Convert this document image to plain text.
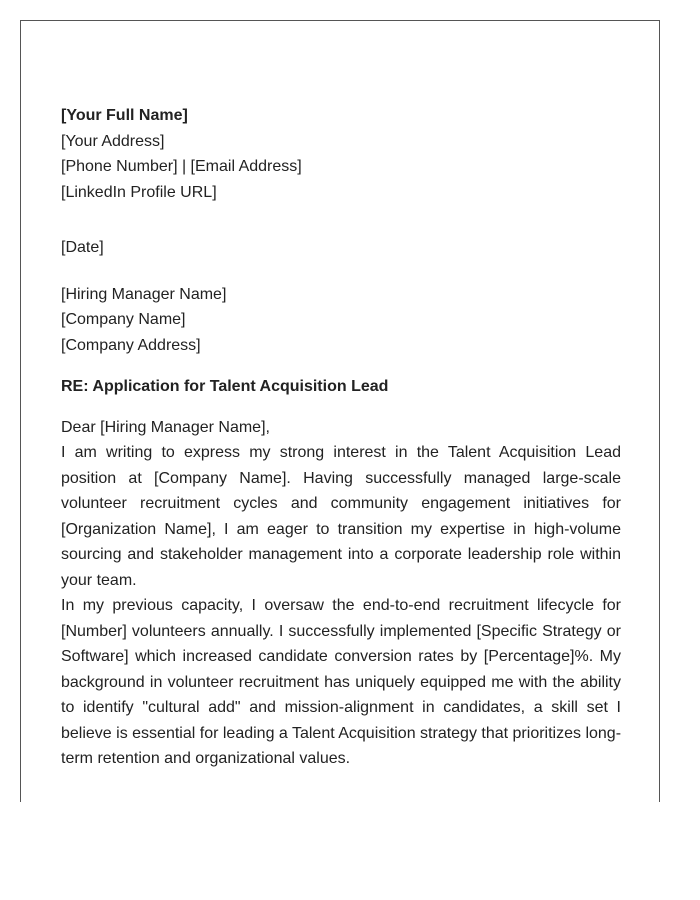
[Your Full Name]
[Your Address]
[Phone Number] | [Email Address]
[LinkedIn Profile URL]
[Date]
[Hiring Manager Name]
[Company Name]
[Company Address]
RE: Application for Talent Acquisition Lead
Dear [Hiring Manager Name],

I am writing to express my strong interest in the Talent Acquisition Lead position at [Company Name]. Having successfully managed large-scale volunteer recruitment cycles and community engagement initiatives for [Organization Name], I am eager to transition my expertise in high-volume sourcing and stakeholder management into a corporate leadership role within your team.

In my previous capacity, I oversaw the end-to-end recruitment lifecycle for [Number] volunteers annually. I successfully implemented [Specific Strategy or Software] which increased candidate conversion rates by [Percentage]%. My background in volunteer recruitment has uniquely equipped me with the ability to identify "cultural add" and mission-alignment in candidates, a skill set I believe is essential for leading a Talent Acquisition strategy that prioritizes long-term retention and organizational values.
